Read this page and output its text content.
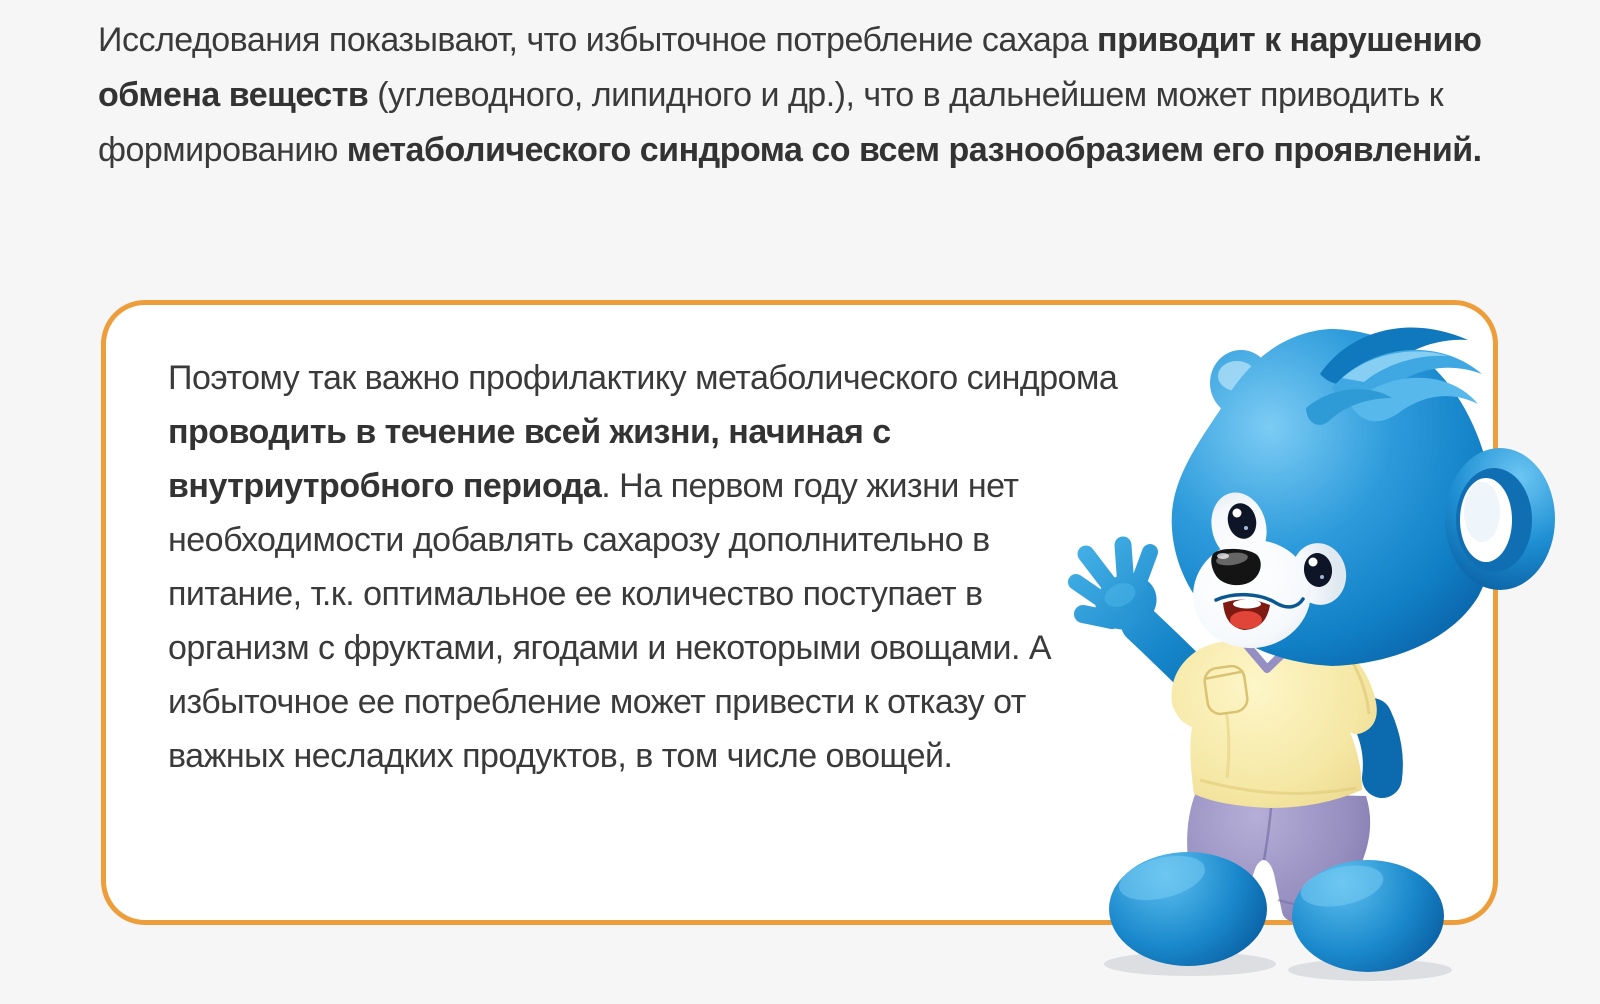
Исследования показывают, что избыточное потребление сахара приводит к нарушению обмена веществ (углеводного, липидного и др.), что в дальнейшем может приводить к формированию метаболического синдрома со всем разнообразием его проявлений.

Поэтому так важно профилактику метаболического синдрома проводить в течение всей жизни, начиная с внутриутробного периода. На первом году жизни нет необходимости добавлять сахарозу дополнительно в питание, т.к. оптимальное ее количество поступает в организм с фруктами, ягодами и некоторыми овощами. А избыточное ее потребление может привести к отказу от важных несладких продуктов, в том числе овощей.
